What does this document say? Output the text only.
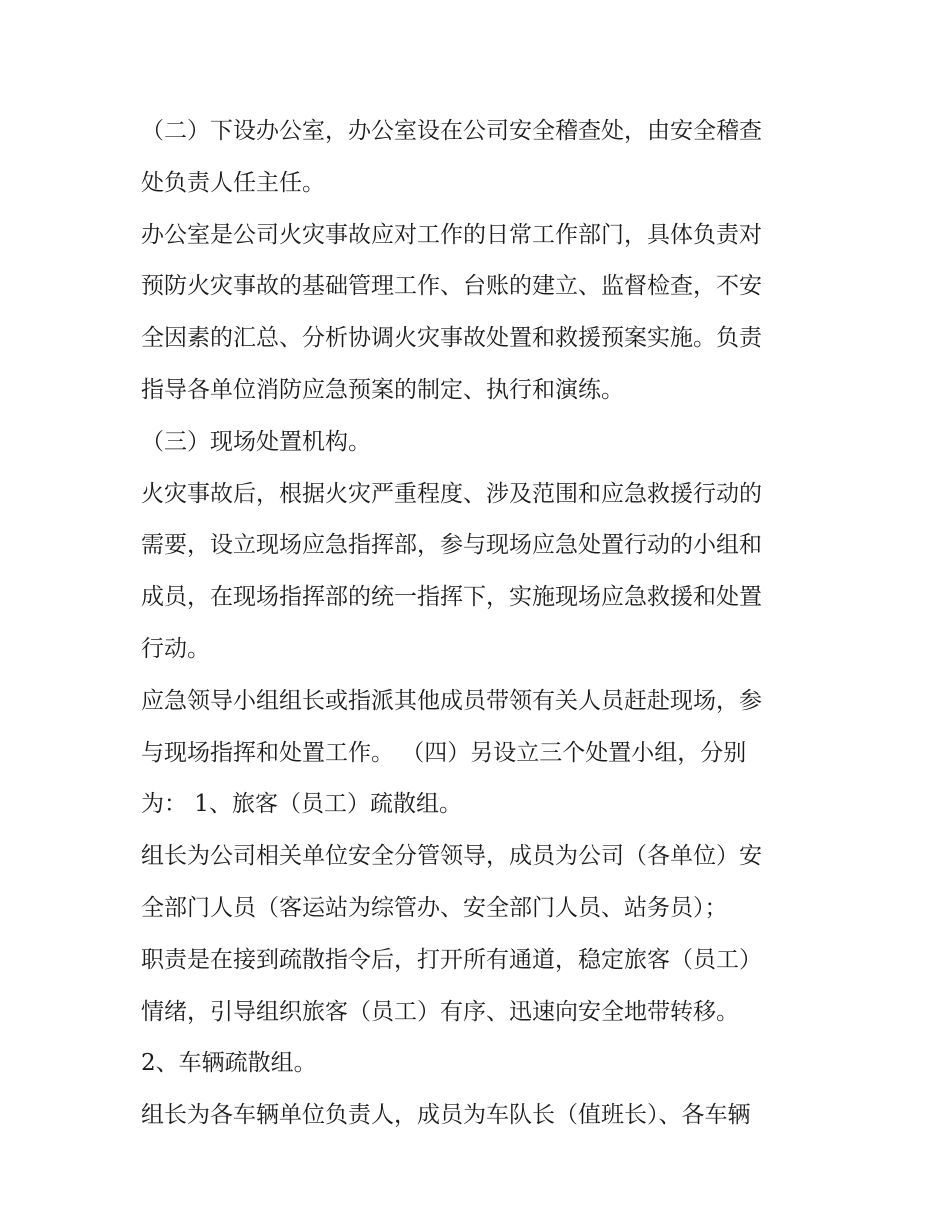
（二）下设办公室，办公室设在公司安全稽查处，由安全稽查
处负责人任主任。
办公室是公司火灾事故应对工作的日常工作部门，具体负责对
预防火灾事故的基础管理工作、台账的建立、监督检查，不安
全因素的汇总、分析协调火灾事故处置和救援预案实施。负责
指导各单位消防应急预案的制定、执行和演练。
（三）现场处置机构。
火灾事故后，根据火灾严重程度、涉及范围和应急救援行动的
需要，设立现场应急指挥部，参与现场应急处置行动的小组和
成员，在现场指挥部的统一指挥下，实施现场应急救援和处置
行动。
应急领导小组组长或指派其他成员带领有关人员赶赴现场，参
与现场指挥和处置工作。 （四）另设立三个处置小组，分别
为： 1、旅客（员工）疏散组。
组长为公司相关单位安全分管领导，成员为公司（各单位）安
全部门人员（客运站为综管办、安全部门人员、站务员）；
职责是在接到疏散指令后，打开所有通道，稳定旅客（员工）
情绪，引导组织旅客（员工）有序、迅速向安全地带转移。
2、车辆疏散组。
组长为各车辆单位负责人，成员为车队长（值班长）、各车辆
